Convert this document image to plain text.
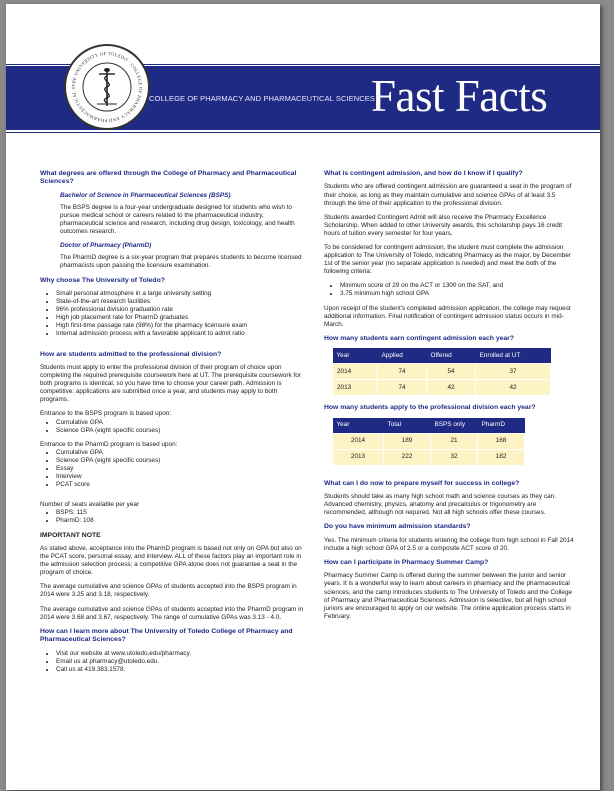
COLLEGE OF PHARMACY AND PHARMACEUTICAL SCIENCES
Fast Facts
THE UNIVERSITY OF TOLEDO · COLLEGE OF PHARMACY AND PHARMACEUTICAL S
What degrees are offered through the College of Pharmacy and Pharmaceutical Sciences?
Bachelor of Science in Pharmaceutical Sciences (BSPS)

The BSPS degree is a four-year undergraduate designed for students who wish to pursue medical school or careers related to the pharmaceutical industry, pharmaceutical science and research, including drug design, toxicology, and health outcomes research.

Doctor of Pharmacy (PharmD)

The PharmD degree is a six-year program that prepares students to become licensed pharmacists upon passing the licensure examination.

Why choose The University of Toledo?
• Small personal atmosphere in a large university setting
• State-of-the-art research facilities
• 96% professional division graduation rate
• High job placement rate for PharmD graduates
• High first-time passage rate (98%) for the pharmacy licensure exam
• Internal admission process with a favorable applicant to admit ratio
How are students admitted to the professional division?

Students must apply to enter the professional division of their program of choice upon completing the required prerequisite coursework here at UT. The prerequisite coursework for both programs is identical, so you have time to choose your career path. Admission is competitive: applications are submitted once a year, and students may apply to both programs.

Entrance to the BSPS program is based upon:
• Cumulative GPA
• Science GPA (eight specific courses)
Entrance to the PharmD program is based upon:
• Cumulative GPA
• Science GPA (eight specific courses)
• Essay
• Interview
• PCAT score
Number of seats available per year
• BSPS: 115
• PharmD: 108
IMPORTANT NOTE

As stated above, acceptance into the PharmD program is based not only on GPA but also on the PCAT score, personal essay, and interview. ALL of these factors play an important role in the admission selection process; a competitive GPA alone does not guarantee a seat in the program of choice.

The average cumulative and science GPAs of students accepted into the BSPS program in 2014 were 3.25 and 3.18, respectively.

The average cumulative and science GPAs of students accepted into the PharmD program in 2014 were 3.68 and 3.67, respectively. The range of cumulative GPAs was 3.13 - 4.0.

How can I learn more about The University of Toledo College of Pharmacy and Pharmaceutical Sciences?
• Visit our website at www.utoledo.edu/pharmacy.
• Email us at pharmacy@utoledo.edu.
• Call us at 419.383.1578.
What is contingent admission, and how do I know if I qualify?

Students who are offered contingent admission are guaranteed a seat in the program of their choice, as long as they maintain cumulative and science GPAs of at least 3.5 through the time of their application to the professional division.

Students awarded Contingent Admit will also receive the Pharmacy Excellence Scholarship. When added to other University awards, this scholarship pays 16 credit hours of tuition every semester for four years.

To be considered for contingent admission, the student must complete the admission application to The University of Toledo, indicating Pharmacy as the major, by December 1st of the senior year (no separate application is needed) and meet the both of the following criteria:

• Minimum score of 29 on the ACT or 1300 on the SAT, and
• 3.75 minimum high school GPA

Upon receipt of the student's completed admission application, the college may request additional information. Final notification of contingent admission status occurs in mid-March.

How many students earn contingent admission each year?
Year	Applied	Offered	Enrolled at UT
2014	74	54	37
2013	74	42	42
How many students apply to the professional division each year?
Year	Total	BSPS only	PharmD
2014	189	21	168
2013	222	32	182
What can I do now to prepare myself for success in college?

Students should take as many high school math and science courses as they can. Advanced chemistry, physics, anatomy and precalculus or trigonometry are recommended, although not required. Not all high schools offer these courses.

Do you have minimum admission standards?

Yes. The minimum criteria for students entering the college from high school in Fall 2014 include a high school GPA of 2.5 or a composite ACT score of 20.

How can I participate in Pharmacy Summer Camp?

Pharmacy Summer Camp is offered during the summer between the junior and senior years. It is a wonderful way to learn about careers in pharmacy and the pharmaceutical sciences, and the camp introduces students to The University of Toledo and the College of Pharmacy and Pharmaceutical Sciences. Admission is selective, but all high school juniors are encouraged to apply on our website. The online application process starts in February.
